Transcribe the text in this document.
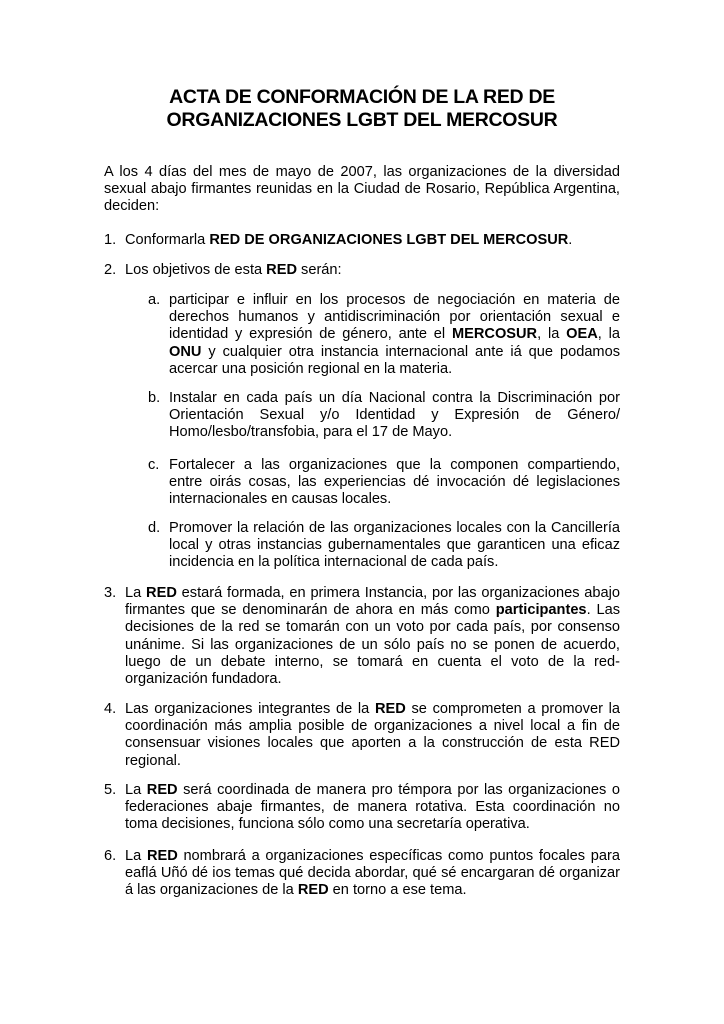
ACTA DE CONFORMACIÓN DE LA RED DE
ORGANIZACIONES LGBT DEL MERCOSUR
A los 4 días del mes de mayo de 2007, las organizaciones de la diversidad sexual abajo firmantes reunidas en la Ciudad de Rosario, República Argentina, deciden:
1. Conformarla RED DE ORGANIZACIONES LGBT DEL MERCOSUR.
2. Los objetivos de esta RED serán:
a. participar e influir en los procesos de negociación en materia de derechos humanos y antidiscriminación por orientación sexual e identidad y expresión de género, ante el MERCOSUR, la OEA, la ONU y cualquier otra instancia internacional ante iá que podamos acercar una posición regional en la materia.
b. Instalar en cada país un día Nacional contra la Discriminación por Orientación Sexual y/o Identidad y Expresión de Género/ Homo/lesbo/transfobia, para el 17 de Mayo.
c. Fortalecer a las organizaciones que la componen compartiendo, entre oirás cosas, las experiencias dé invocación dé legislaciones internacionales en causas locales.
d. Promover la relación de las organizaciones locales con la Cancillería local y otras instancias gubernamentales que garanticen una eficaz incidencia en la política internacional de cada país.
3. La RED estará formada, en primera Instancia, por las organizaciones abajo firmantes que se denominarán de ahora en más como participantes. Las decisiones de la red se tomarán con un voto por cada país, por consenso unánime. Si las organizaciones de un sólo país no se ponen de acuerdo, luego de un debate interno, se tomará en cuenta el voto de la red-organización fundadora.
4. Las organizaciones integrantes de la RED se comprometen a promover la coordinación más amplia posible de organizaciones a nivel local a fin de consensuar visiones locales que aporten a la construcción de esta RED regional.
5. La RED será coordinada de manera pro témpora por las organizaciones o federaciones abaje firmantes, de manera rotativa. Esta coordinación no toma decisiones, funciona sólo como una secretaría operativa.
6. La RED nombrará a organizaciones específicas como puntos focales para eaflá Uñó dé ios temas qué decida abordar, qué sé encargaran dé organizar á las organizaciones de la RED en torno a ese tema.
